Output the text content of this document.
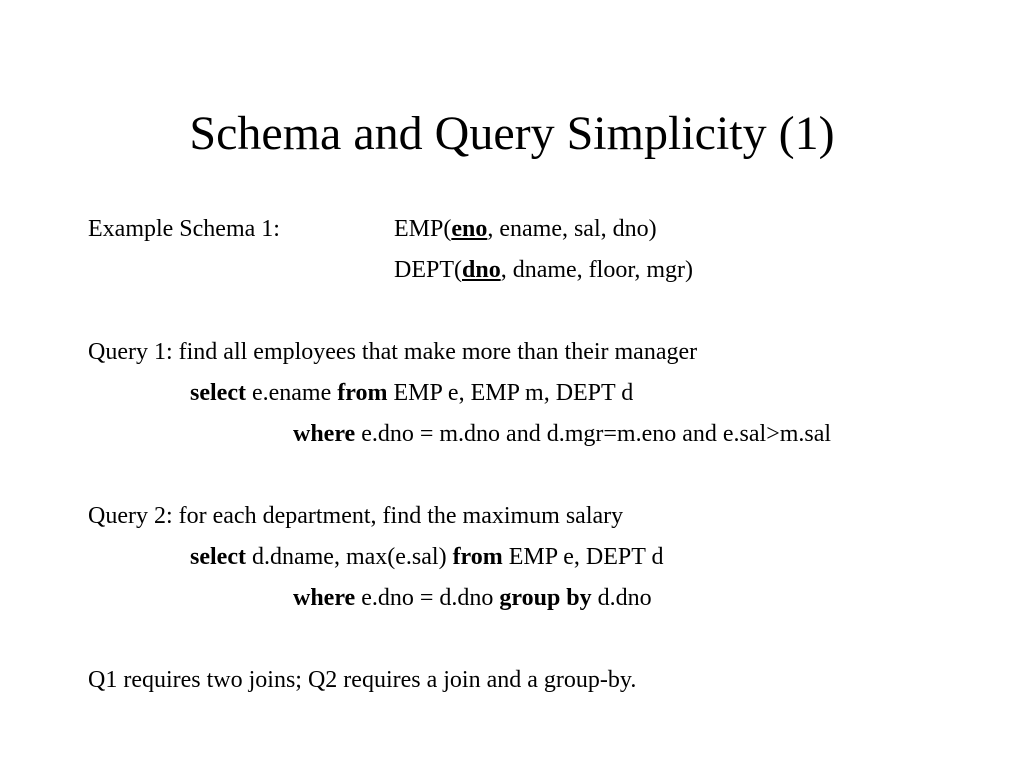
Schema and Query Simplicity (1)
Example Schema 1:	EMP(eno, ename, sal, dno)
DEPT(dno, dname, floor, mgr)
Query 1: find all employees that make more than their manager
select e.ename from EMP e, EMP m, DEPT d
where e.dno = m.dno and d.mgr=m.eno and e.sal>m.sal
Query 2: for each department, find the maximum salary
select d.dname, max(e.sal) from EMP e, DEPT d
where e.dno = d.dno group by d.dno
Q1 requires two joins; Q2 requires a join and a group-by.
